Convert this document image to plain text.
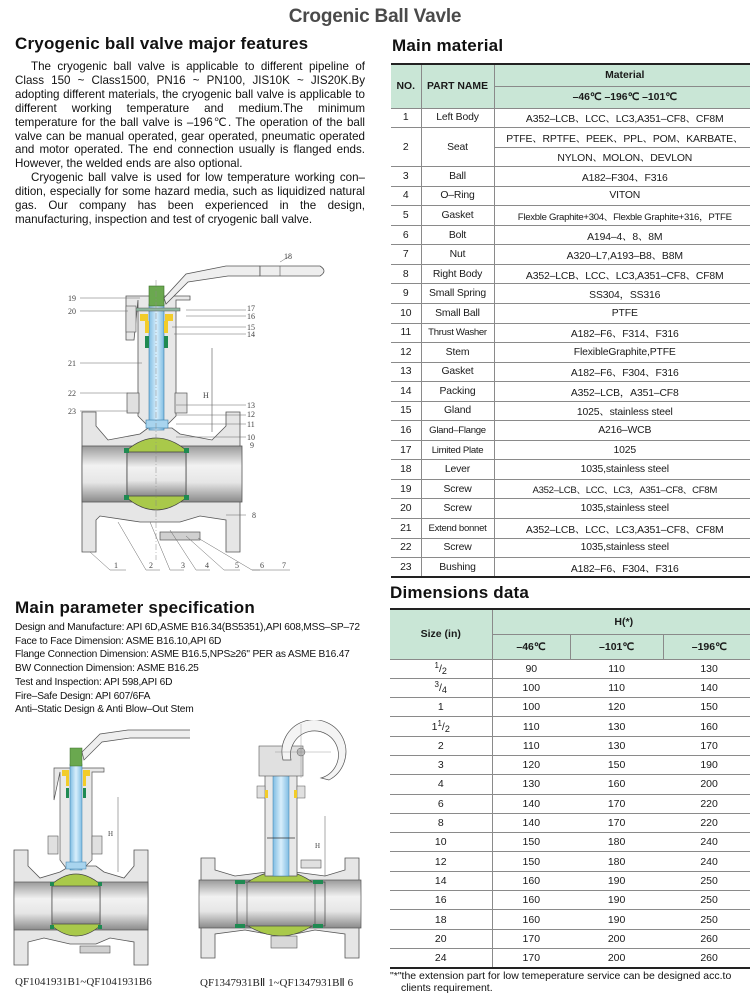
Crogenic Ball Vavle
Cryogenic ball valve major features

The cryogenic ball valve is applicable to different pipeline of Class 150 ~ Class1500, PN16 ~ PN100, JIS10K ~ JIS20K.By adopting different materials, the cryogenic ball valve is applicable to different working temperature and medium.The minimum temperature for the ball valve is –196℃. The operation of the ball valve can be manual operated, gear operated, pneumatic operated and motor operated. The end connection usually is flanged ends. However, the welded ends are also optional.

Cryogenic ball valve is used for low temperature working con–dition, especially for some hazard media, such as liquidized natural gas. Our company has been experienced in the design, manufacturing, inspection and test of cryogenic ball valve.

H
19
20
21
22
23
17
16
15
14
13
12
11
10
9
8
1	2	3	4	5
18
6 7
Main parameter specification
Design and Manufacture: API 6D,ASME B16.34(BS5351),API 608,MSS–SP–72
Face to Face Dimension: ASME B16.10,API 6D
Flange Connection Dimension: ASME B16.5,NPS≥26" PER as ASME B16.47
BW Connection Dimension: ASME B16.25
Test and Inspection: API 598,API 6D
Fire–Safe Design: API 607/6FA
Anti–Static Design & Anti Blow–Out Stem
H
H
QF1041931B1~QF1041931B6	QF1347931BⅡ 1~QF1347931BⅡ 6
Main material
NO.	PART NAME	Material
		–46℃ –196℃ –101℃
1	Left Body	A352–LCB、LCC、LC3,A351–CF8、CF8M
2	Seat	PTFE、RPTFE、PEEK、PPL、POM、KARBATE、
		NYLON、MOLON、DEVLON
3	Ball	A182–F304、F316
4	O–Ring	VITON
5	Gasket	Flexble Graphite+304、Flexble Graphite+316，PTFE
6	Bolt	A194–4、8、8M
7	Nut	A320–L7,A193–B8、B8M
8	Right Body	A352–LCB、LCC、LC3,A351–CF8、CF8M
9	Small Spring	SS304，SS316
10	Small Ball	PTFE
11	Thrust Washer	A182–F6、F314、F316
12	Stem	FlexibleGraphite,PTFE
13	Gasket	A182–F6、F304、F316
14	Packing	A352–LCB，A351–CF8
15	Gland	1025、stainless steel
16	Gland–Flange	A216–WCB
17	Limited Plate	1025
18	Lever	1035,stainless steel
19	Screw	A352–LCB、LCC、LC3，A351–CF8、CF8M
20	Screw	1035,stainless steel
21	Extend bonnet	A352–LCB、LCC、LC3,A351–CF8、CF8M
22	Screw	1035,stainless steel
23	Bushing	A182–F6、F304、F316
Dimensions data
Size (in)	H(*)		
	–46℃	–101℃	–196℃
$^1/_2$	90	110	130
$^3/_4$	100	110	140
1	100	120	150
$1^1/_2$	110	130	160
2	110	130	170
3	120	150	190
4	130	160	200
6	140	170	220
8	140	170	220
10	150	180	240
12	150	180	240
14	160	190	250
16	160	190	250
18	160	190	250
20	170	200	260
24	170	200	260
"*"the extension part for low temeperature service can be designed acc.to
clients requirement.
